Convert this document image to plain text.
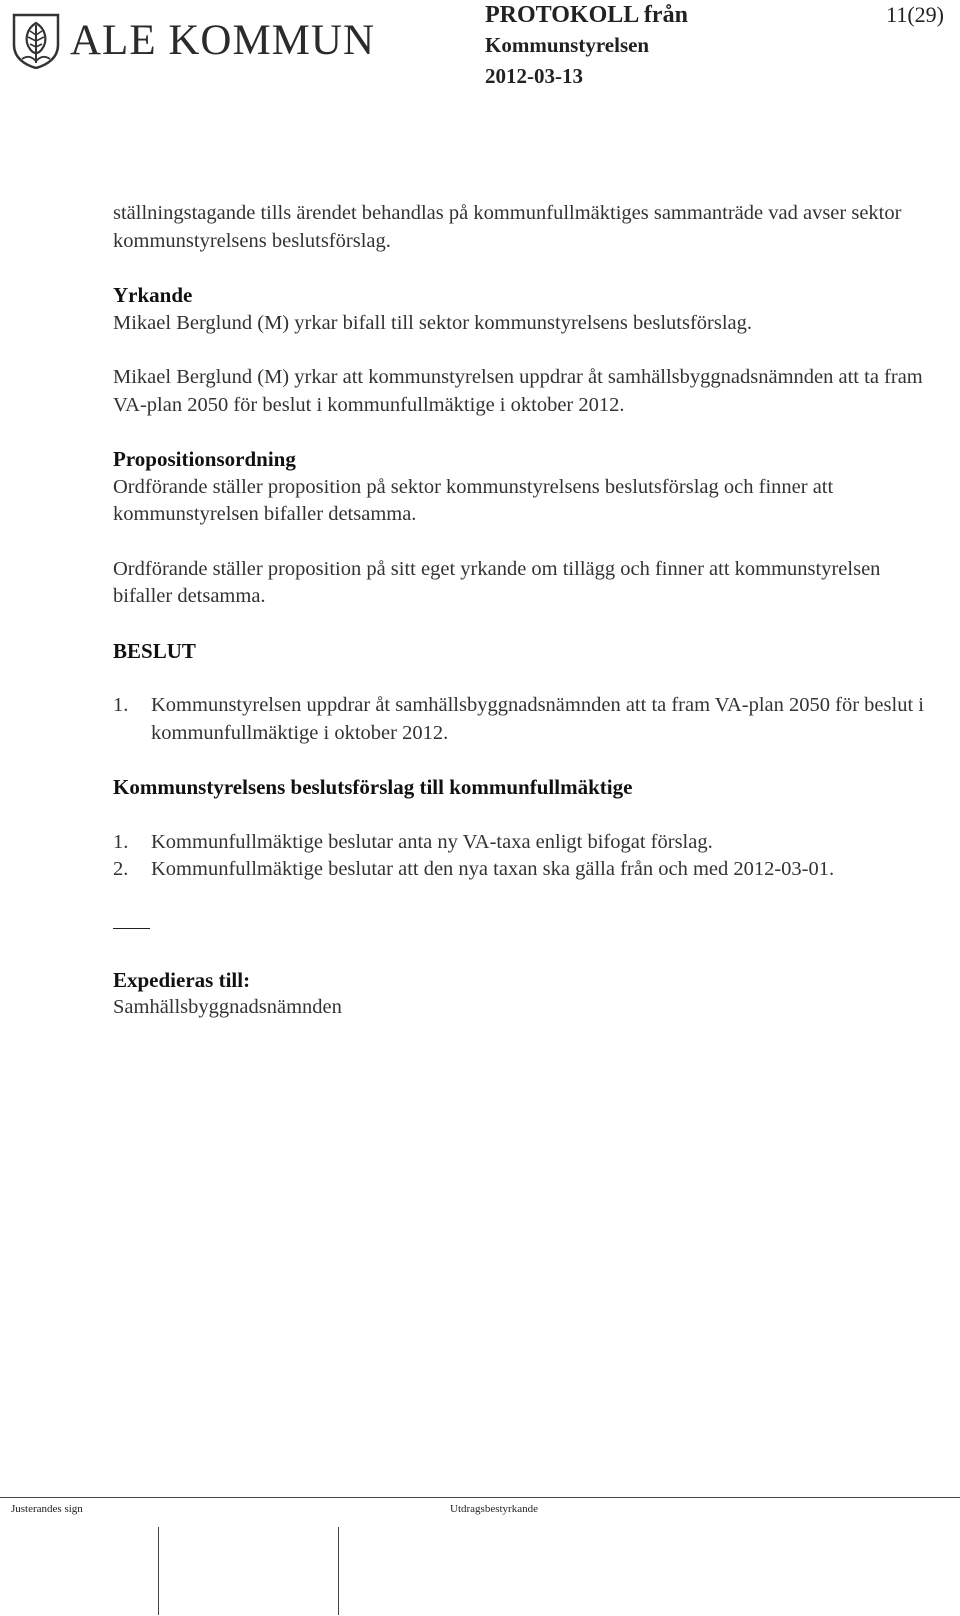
ALE KOMMUN
PROTOKOLL från
Kommunstyrelsen
2012-03-13
11(29)

ställningstagande tills ärendet behandlas på kommunfullmäktiges sammanträde vad avser sektor kommunstyrelsens beslutsförslag.

Yrkande

Mikael Berglund (M) yrkar bifall till sektor kommunstyrelsens beslutsförslag.

Mikael Berglund (M) yrkar att kommunstyrelsen uppdrar åt samhällsbyggnadsnämnden att ta fram VA-plan 2050 för beslut i kommunfullmäktige i oktober 2012.

Propositionsordning

Ordförande ställer proposition på sektor kommunstyrelsens beslutsförslag och finner att kommunstyrelsen bifaller detsamma.

Ordförande ställer proposition på sitt eget yrkande om tillägg och finner att kommunstyrelsen bifaller detsamma.

BESLUT

1.	Kommunstyrelsen uppdrar åt samhällsbyggnadsnämnden att ta fram VA-plan 2050 för beslut i kommunfullmäktige i oktober 2012.

Kommunstyrelsens beslutsförslag till kommunfullmäktige

1.	Kommunfullmäktige beslutar anta ny VA-taxa enligt bifogat förslag.
2.	Kommunfullmäktige beslutar att den nya taxan ska gälla från och med 2012-03-01.

Expedieras till:

Samhällsbyggnadsnämnden

Justerandes sign	Utdragsbestyrkande
